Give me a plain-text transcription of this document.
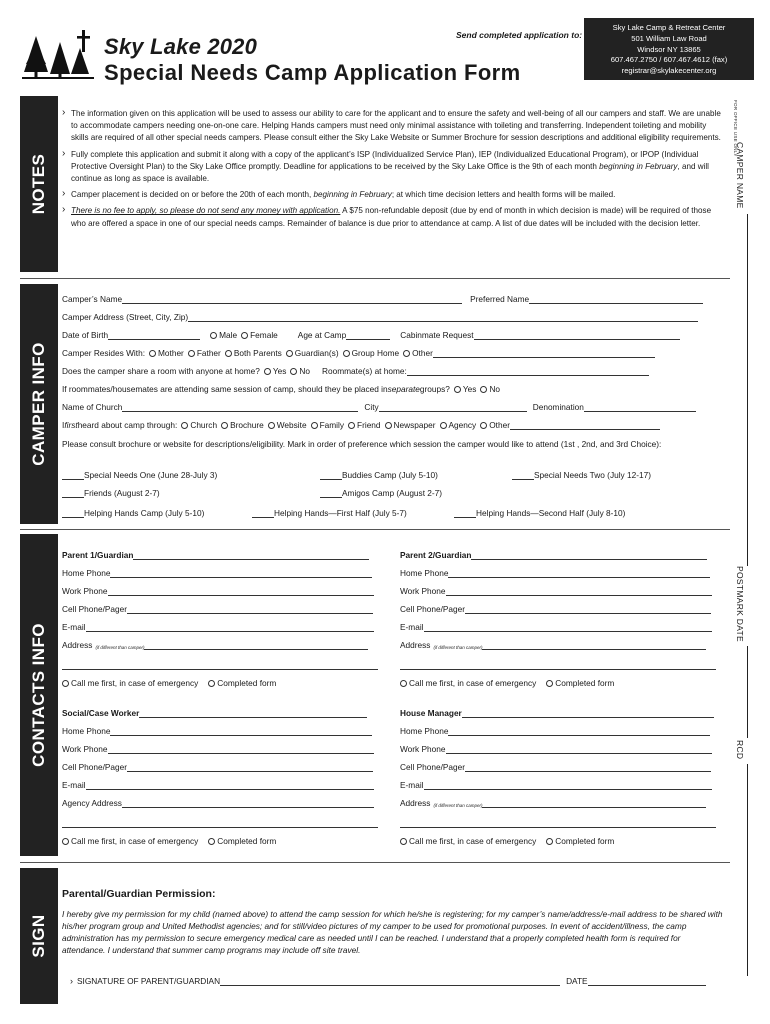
Sky Lake 2020
Special Needs Camp Application Form
Send completed application to:
Sky Lake Camp & Retreat Center
501 William Law Road
Windsor NY 13865
607.467.2750 / 607.467.4612 (fax)
registrar@skylakecenter.org
FOR OFFICE USE ONLY
CAMPER NAME
POSTMARK DATE
RCD
NOTES
CAMPER INFO
CONTACTS INFO
SIGN
› The information given on this application will be used to assess our ability to care for the applicant and to ensure the safety and well-being of all our campers and staff. We are unable to accommodate campers needing one-on-one care. Helping Hands campers must need only minimal assistance with toileting and transferring. Independent toileting and mobility skills are required of all other special needs campers. Please consult either the Sky Lake Website or Summer Brochure for session descriptions and additional eligibility requirements.
› Fully complete this application and submit it along with a copy of the applicant’s ISP (Individualized Service Plan), IEP (Individualized Educational Program), or IPOP (Individual Protective Oversight Plan) to the Sky Lake Office promptly. Deadline for applications to be received by the Sky Lake Office is the 9th of each month beginning in February, and will continue as long as space is available.
› Camper placement is decided on or before the 20th of each month, beginning in February; at which time decision letters and health forms will be mailed.
› There is no fee to apply, so please do not send any money with application. A $75 non-refundable deposit (due by end of month in which decision is made) will be required of those who are offered a space in one of our special needs camps. Remainder of balance is due prior to attendance at camp. A list of due dates will be included with the decision letter.
Camper’s Name	Preferred Name
Camper Address (Street, City, Zip)
Date of Birth	Male Female Age at Camp	Cabinmate Request
Camper Resides With: Mother Father Both Parents Guardian(s) Group Home Other
Does the camper share a room with anyone at home? Yes No Roommate(s) at home:
If roommates/housemates are attending same session of camp, should they be placed in separate groups? Yes No
Name of Church	City	Denomination
I first heard about camp through: Church Brochure Website Family Friend Newspaper Agency Other
Please consult brochure or website for descriptions/eligibility. Mark in order of preference which session the camper would like to attend (1st , 2nd, and 3rd Choice):
Special Needs One (June 28-July 3)	Buddies Camp (July 5-10)	Special Needs Two (July 12-17)
Friends (August 2-7)	Amigos Camp (August 2-7)
Helping Hands Camp (July 5-10)	Helping Hands—First Half (July 5-7)	Helping Hands—Second Half (July 8-10)
Parent 1/Guardian
Home Phone
Work Phone
Cell Phone/Pager
E-mail
Address (if different than camper)
Call me first, in case of emergency Completed form
Social/Case Worker
Home Phone
Work Phone
Cell Phone/Pager
E-mail
Agency Address
Call me first, in case of emergency Completed form
Parent 2/Guardian
Home Phone
Work Phone
Cell Phone/Pager
E-mail
Address (if different than camper)
Call me first, in case of emergency Completed form
House Manager
Home Phone
Work Phone
Cell Phone/Pager
E-mail
Address (if different than camper)
Call me first, in case of emergency Completed form
Parental/Guardian Permission:
I hereby give my permission for my child (named above) to attend the camp session for which he/she is registering; for my camper’s name/address/e-mail address to be shared with his/her program group and United Methodist agencies; and for still/video pictures of my camper to be used for promotional purposes. In event of accident/illness, the camp administration has my permission to secure emergency medical care as needed until I can be reached. I understand that a properly completed health form is required for attendance. I understand that summer camp programs may include off site travel.
› SIGNATURE OF PARENT/GUARDIAN	DATE
